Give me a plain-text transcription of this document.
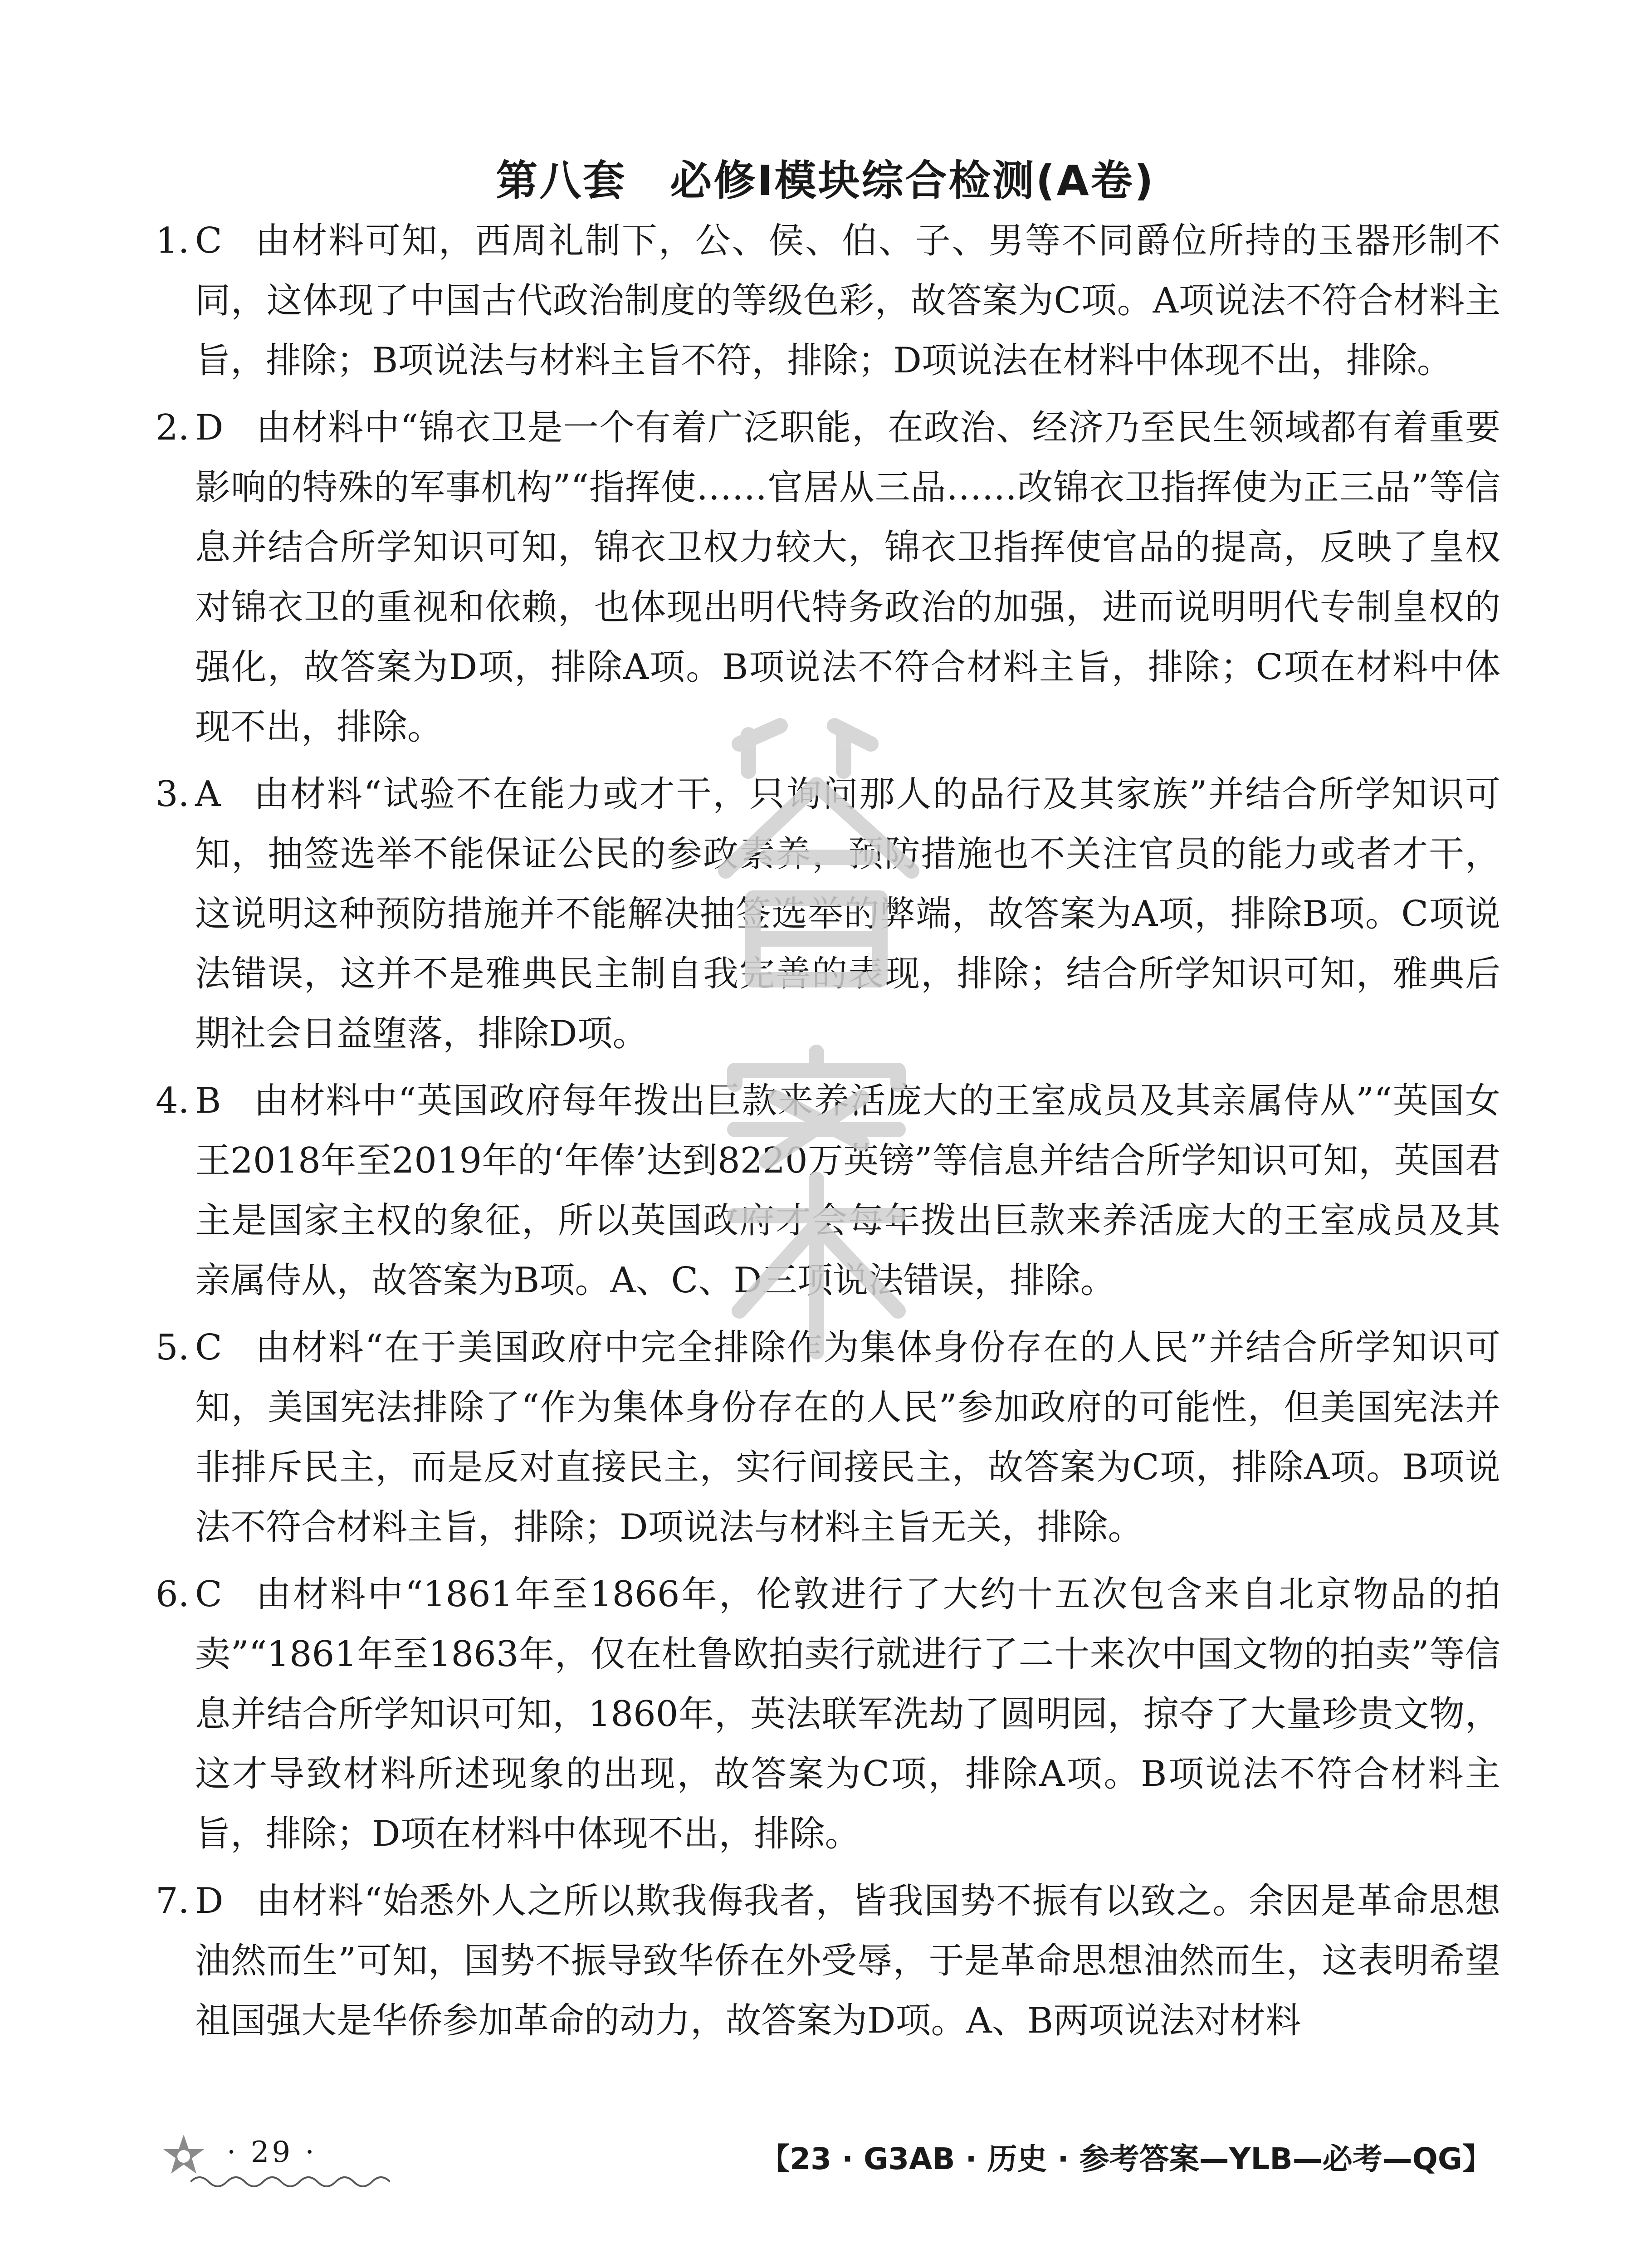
第八套　必修Ⅰ模块综合检测(A卷)
1. C 由材料可知，西周礼制下，公、侯、伯、子、男等不同爵位所持的玉器形制不同，这体现了中国古代政治制度的等级色彩，故答案为C项。A项说法不符合材料主旨，排除；B项说法与材料主旨不符，排除；D项说法在材料中体现不出，排除。
2. D 由材料中“锦衣卫是一个有着广泛职能，在政治、经济乃至民生领域都有着重要影响的特殊的军事机构”“指挥使……官居从三品……改锦衣卫指挥使为正三品”等信息并结合所学知识可知，锦衣卫权力较大，锦衣卫指挥使官品的提高，反映了皇权对锦衣卫的重视和依赖，也体现出明代特务政治的加强，进而说明明代专制皇权的强化，故答案为D项，排除A项。B项说法不符合材料主旨，排除；C项在材料中体现不出，排除。
3. A 由材料“试验不在能力或才干，只询问那人的品行及其家族”并结合所学知识可知，抽签选举不能保证公民的参政素养，预防措施也不关注官员的能力或者才干，这说明这种预防措施并不能解决抽签选举的弊端，故答案为A项，排除B项。C项说法错误，这并不是雅典民主制自我完善的表现，排除；结合所学知识可知，雅典后期社会日益堕落，排除D项。
4. B 由材料中“英国政府每年拨出巨款来养活庞大的王室成员及其亲属侍从”“英国女王2018年至2019年的‘年俸’达到8220万英镑”等信息并结合所学知识可知，英国君主是国家主权的象征，所以英国政府才会每年拨出巨款来养活庞大的王室成员及其亲属侍从，故答案为B项。A、C、D三项说法错误，排除。
5. C 由材料“在于美国政府中完全排除作为集体身份存在的人民”并结合所学知识可知，美国宪法排除了“作为集体身份存在的人民”参加政府的可能性，但美国宪法并非排斥民主，而是反对直接民主，实行间接民主，故答案为C项，排除A项。B项说法不符合材料主旨，排除；D项说法与材料主旨无关，排除。
6. C 由材料中“1861年至1866年，伦敦进行了大约十五次包含来自北京物品的拍卖”“1861年至1863年，仅在杜鲁欧拍卖行就进行了二十来次中国文物的拍卖”等信息并结合所学知识可知，1860年，英法联军洗劫了圆明园，掠夺了大量珍贵文物，这才导致材料所述现象的出现，故答案为C项，排除A项。B项说法不符合材料主旨，排除；D项在材料中体现不出，排除。
7. D 由材料“始悉外人之所以欺我侮我者，皆我国势不振有以致之。余因是革命思想油然而生”可知，国势不振导致华侨在外受辱，于是革命思想油然而生，这表明希望祖国强大是华侨参加革命的动力，故答案为D项。A、B两项说法对材料
· 29 ·	【23 · G3AB · 历史 · 参考答案—YLB—必考—QG】
